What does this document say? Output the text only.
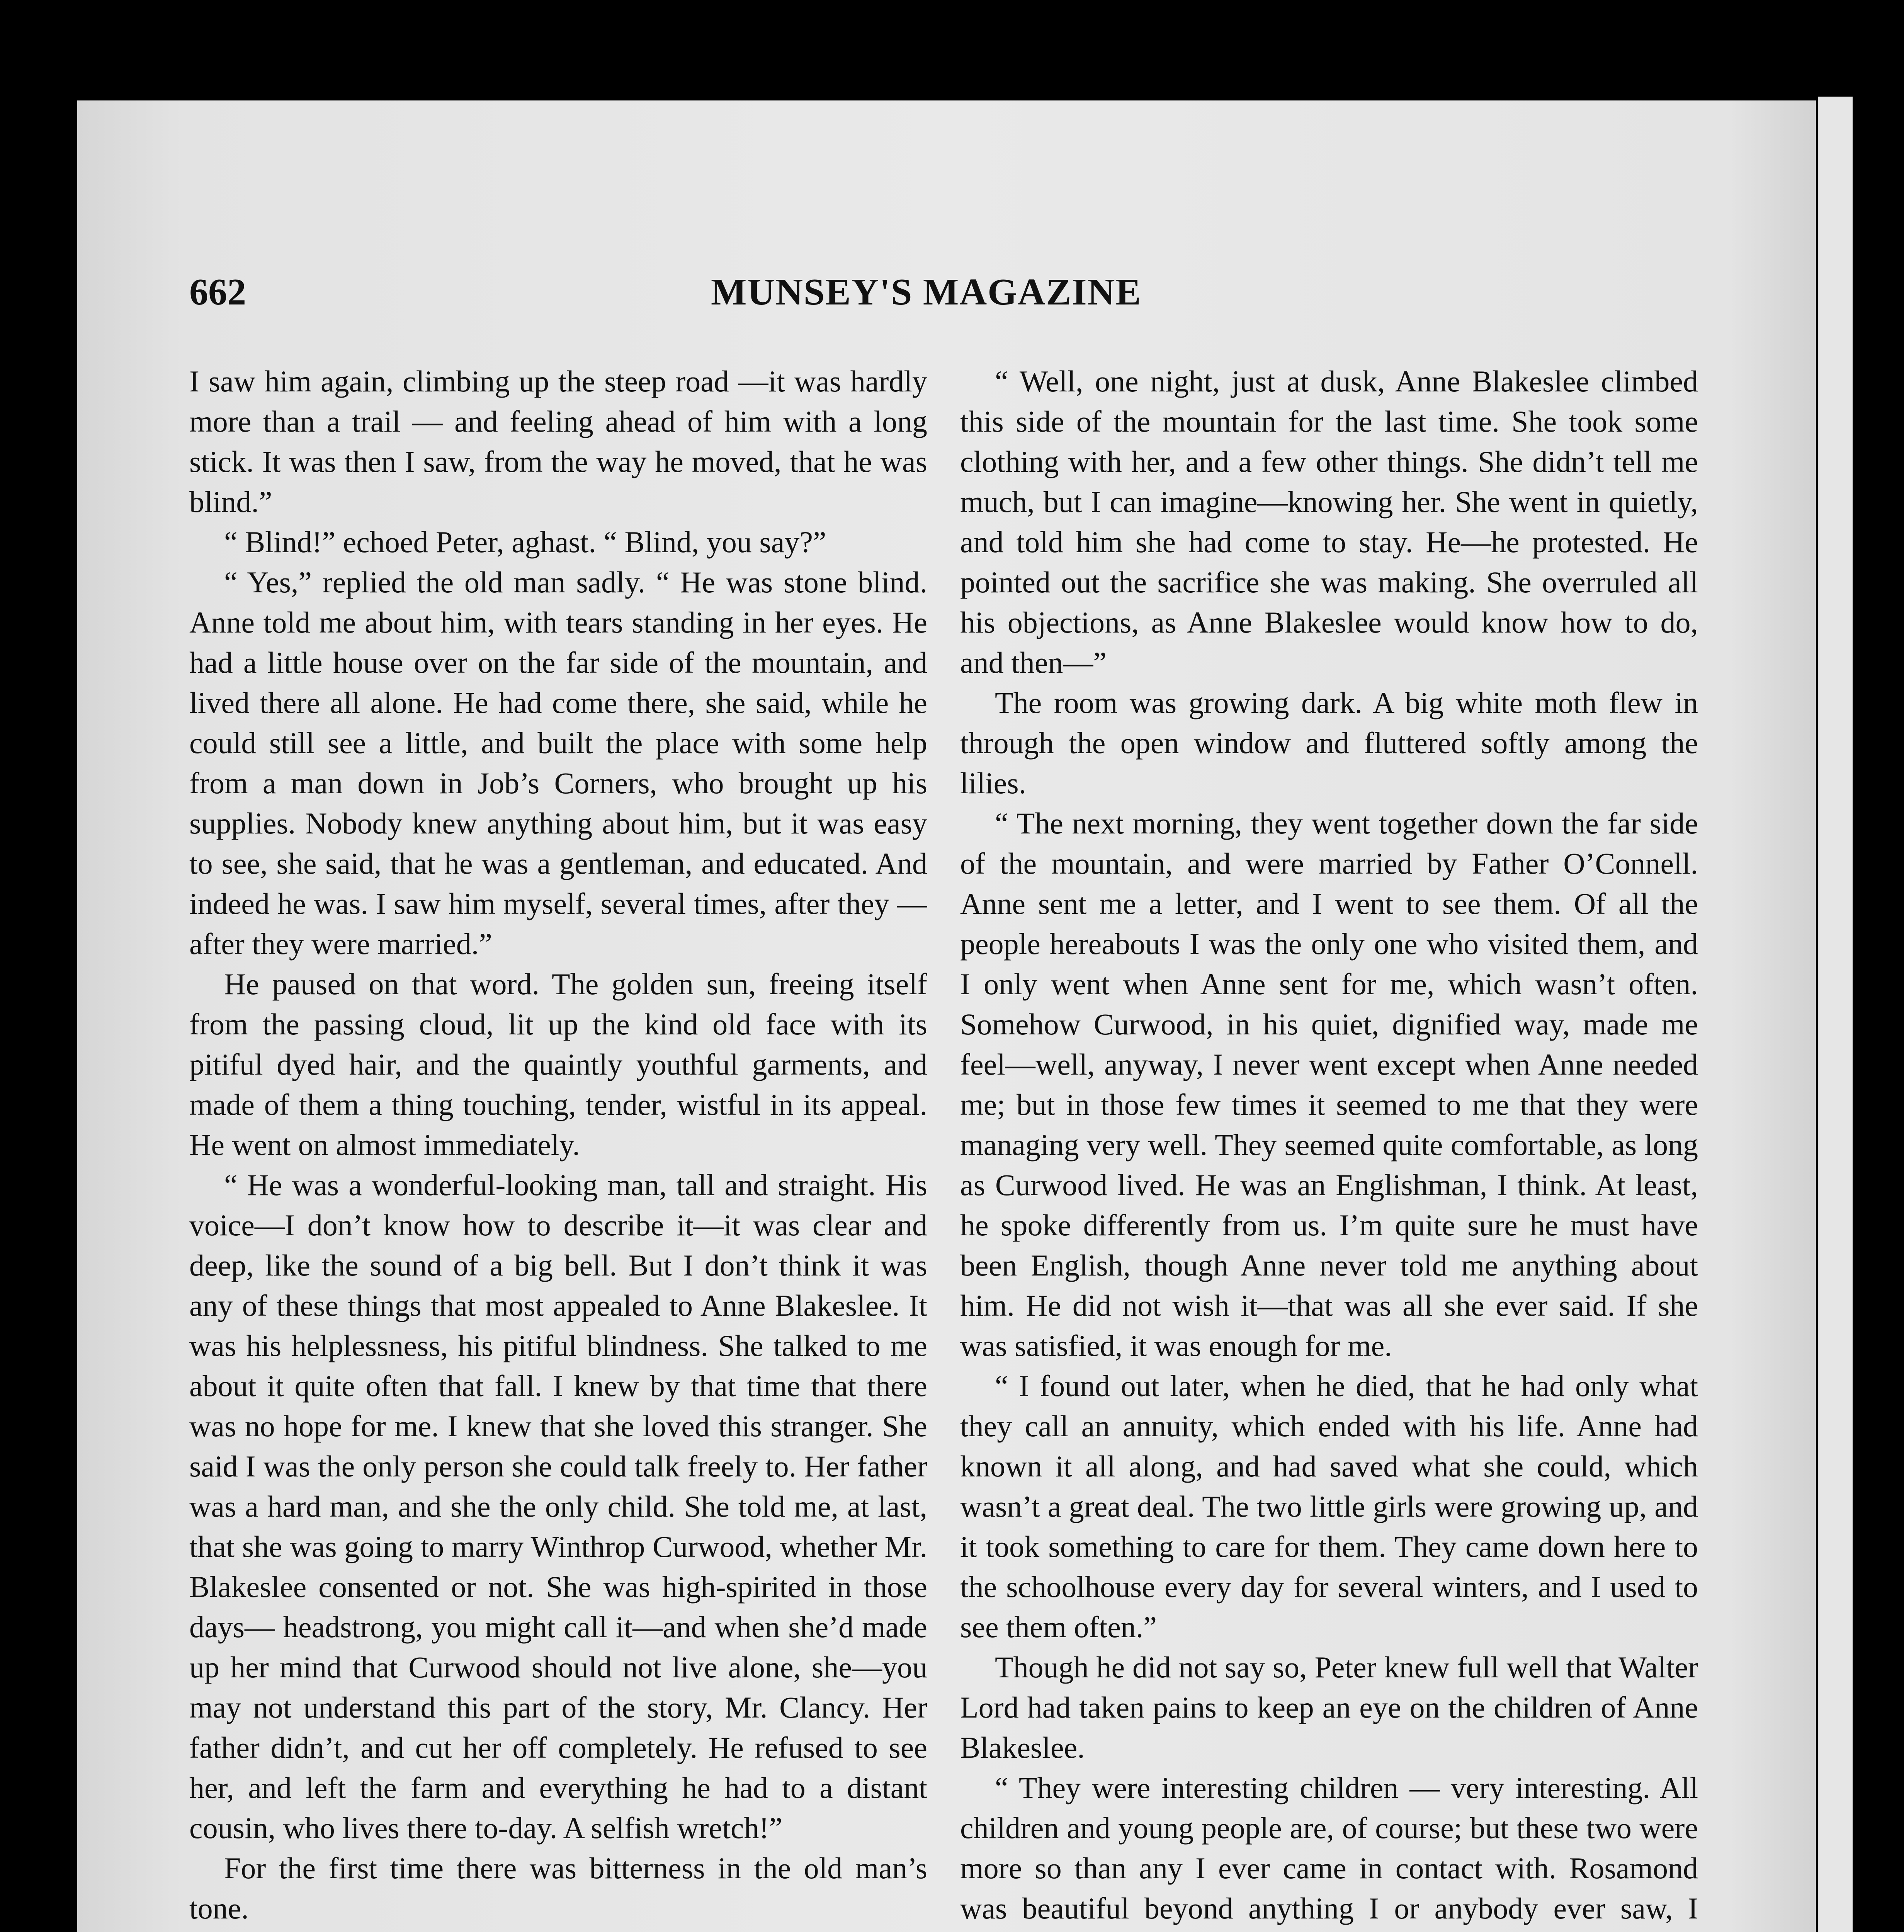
662	MUNSEY'S MAGAZINE

I saw him again, climbing up the steep road —it was hardly more than a trail — and feeling ahead of him with a long stick. It was then I saw, from the way he moved, that he was blind.”

“ Blind!” echoed Peter, aghast. “ Blind, you say?”

“ Yes,” replied the old man sadly. “ He was stone blind. Anne told me about him, with tears standing in her eyes. He had a little house over on the far side of the mountain, and lived there all alone. He had come there, she said, while he could still see a little, and built the place with some help from a man down in Job’s Corners, who brought up his supplies. Nobody knew anything about him, but it was easy to see, she said, that he was a gentleman, and educated. And indeed he was. I saw him myself, several times, after they —after they were married.”

He paused on that word. The golden sun, freeing itself from the passing cloud, lit up the kind old face with its pitiful dyed hair, and the quaintly youthful garments, and made of them a thing touching, tender, wistful in its appeal. He went on almost immediately.

“ He was a wonderful-looking man, tall and straight. His voice—I don’t know how to describe it—it was clear and deep, like the sound of a big bell. But I don’t think it was any of these things that most appealed to Anne Blakeslee. It was his helplessness, his pitiful blindness. She talked to me about it quite often that fall. I knew by that time that there was no hope for me. I knew that she loved this stranger. She said I was the only person she could talk freely to. Her father was a hard man, and she the only child. She told me, at last, that she was going to marry Winthrop Curwood, whether Mr. Blakeslee consented or not. She was high-spirited in those days— headstrong, you might call it—and when she’d made up her mind that Curwood should not live alone, she—you may not understand this part of the story, Mr. Clancy. Her father didn’t, and cut her off completely. He refused to see her, and left the farm and everything he had to a distant cousin, who lives there to-day. A selfish wretch!”

For the first time there was bitterness in the old man’s tone.

“ Well, one night, just at dusk, Anne Blakeslee climbed this side of the mountain for the last time. She took some clothing with her, and a few other things. She didn’t tell me much, but I can imagine—knowing her. She went in quietly, and told him she had come to stay. He—he protested. He pointed out the sacrifice she was making. She overruled all his objections, as Anne Blakeslee would know how to do, and then—”

The room was growing dark. A big white moth flew in through the open window and fluttered softly among the lilies.

“ The next morning, they went together down the far side of the mountain, and were married by Father O’Connell. Anne sent me a letter, and I went to see them. Of all the people hereabouts I was the only one who visited them, and I only went when Anne sent for me, which wasn’t often. Somehow Curwood, in his quiet, dignified way, made me feel—well, anyway, I never went except when Anne needed me; but in those few times it seemed to me that they were managing very well. They seemed quite comfortable, as long as Curwood lived. He was an Englishman, I think. At least, he spoke differently from us. I’m quite sure he must have been English, though Anne never told me anything about him. He did not wish it—that was all she ever said. If she was satisfied, it was enough for me.

“ I found out later, when he died, that he had only what they call an annuity, which ended with his life. Anne had known it all along, and had saved what she could, which wasn’t a great deal. The two little girls were growing up, and it took something to care for them. They came down here to the schoolhouse every day for several winters, and I used to see them often.”

Though he did not say so, Peter knew full well that Walter Lord had taken pains to keep an eye on the children of Anne Blakeslee.

“ They were interesting children — very interesting. All children and young people are, of course; but these two were more so than any I ever came in contact with. Rosamond was beautiful beyond anything I or anybody ever saw, I
